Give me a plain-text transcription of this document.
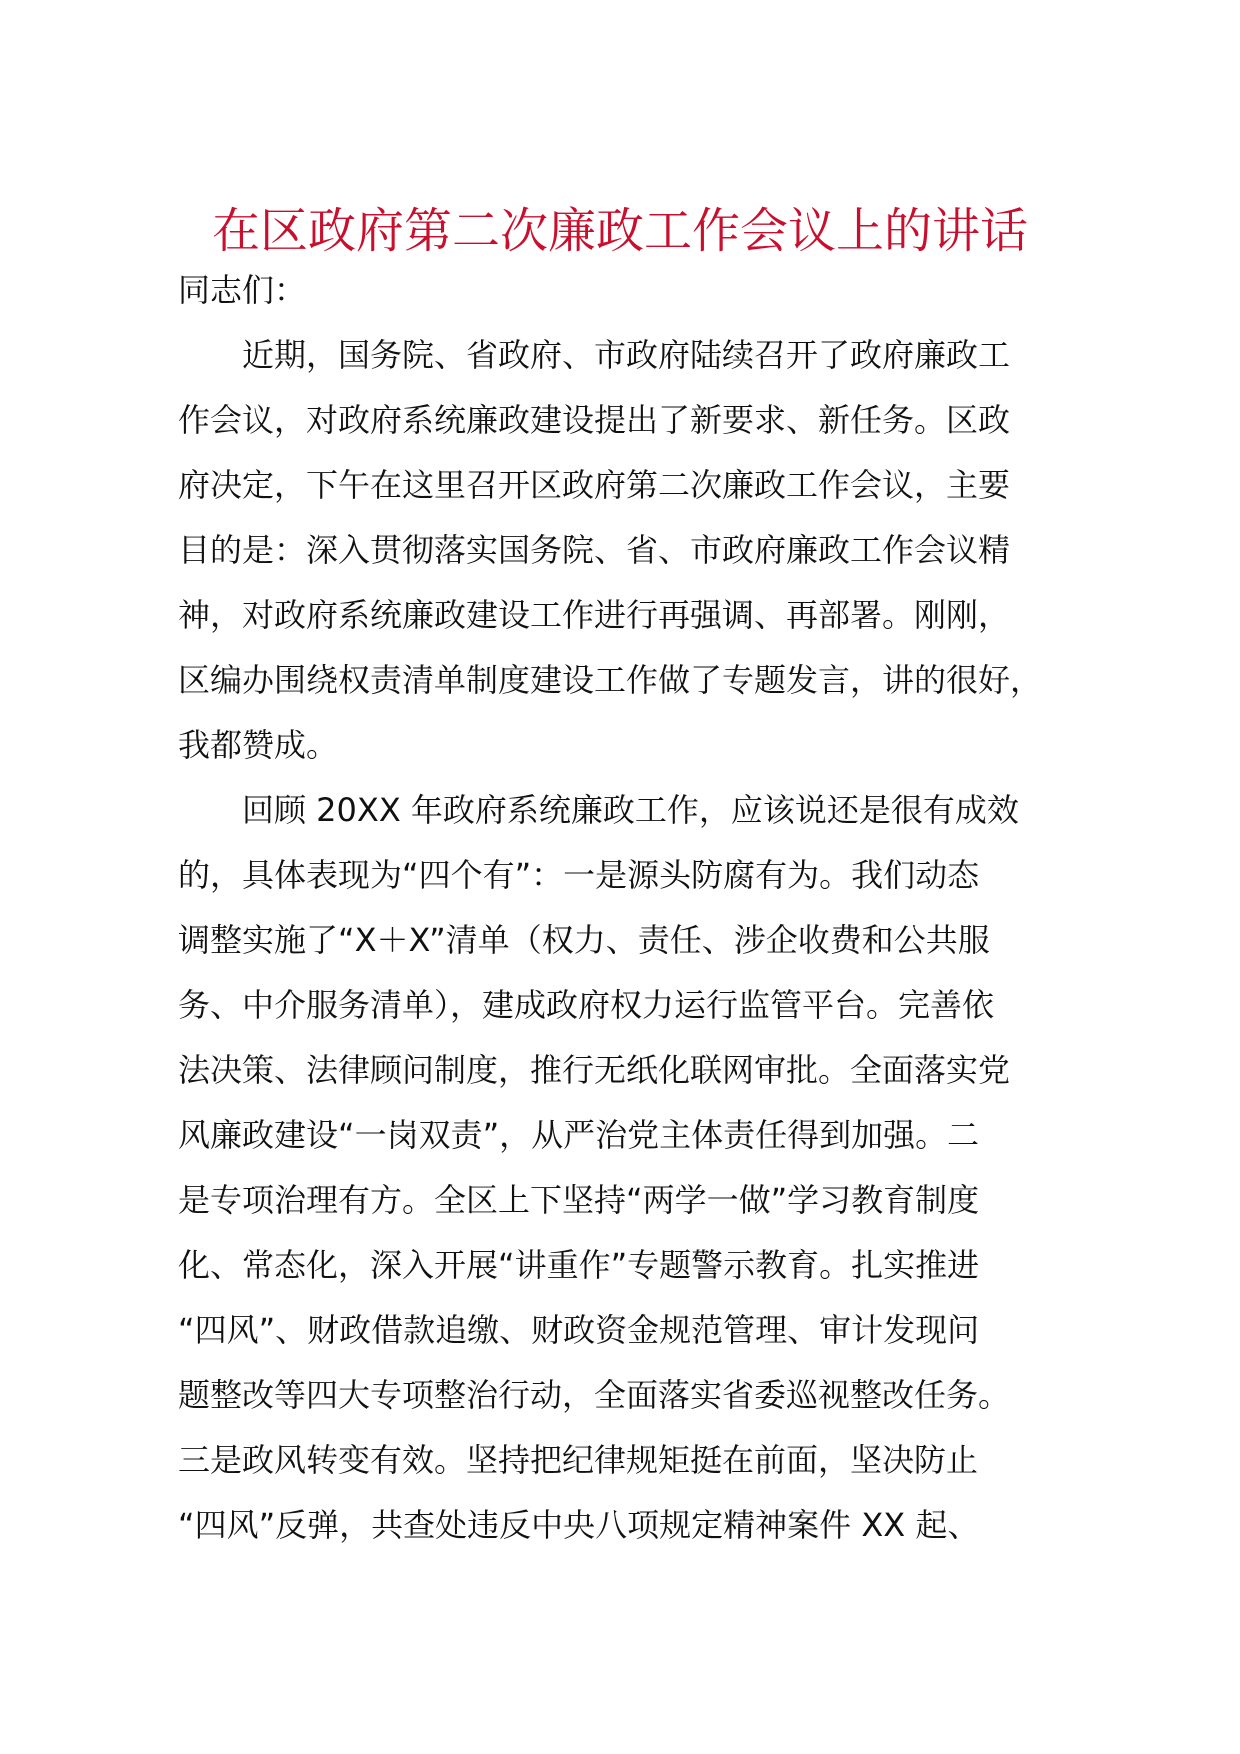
在区政府第二次廉政工作会议上的讲话
同志们：
　　近期，国务院、省政府、市政府陆续召开了政府廉政工
作会议，对政府系统廉政建设提出了新要求、新任务。区政
府决定，下午在这里召开区政府第二次廉政工作会议，主要
目的是：深入贯彻落实国务院、省、市政府廉政工作会议精
神，对政府系统廉政建设工作进行再强调、再部署。刚刚，
区编办围绕权责清单制度建设工作做了专题发言，讲的很好，
我都赞成。
　　回顾 20XX 年政府系统廉政工作，应该说还是很有成效
的，具体表现为“四个有”：一是源头防腐有为。我们动态
调整实施了“X＋X”清单（权力、责任、涉企收费和公共服
务、中介服务清单），建成政府权力运行监管平台。完善依
法决策、法律顾问制度，推行无纸化联网审批。全面落实党
风廉政建设“一岗双责”，从严治党主体责任得到加强。二
是专项治理有方。全区上下坚持“两学一做”学习教育制度
化、常态化，深入开展“讲重作”专题警示教育。扎实推进
“四风”、财政借款追缴、财政资金规范管理、审计发现问
题整改等四大专项整治行动，全面落实省委巡视整改任务。
三是政风转变有效。坚持把纪律规矩挺在前面，坚决防止
“四风”反弹，共查处违反中央八项规定精神案件 XX 起、
